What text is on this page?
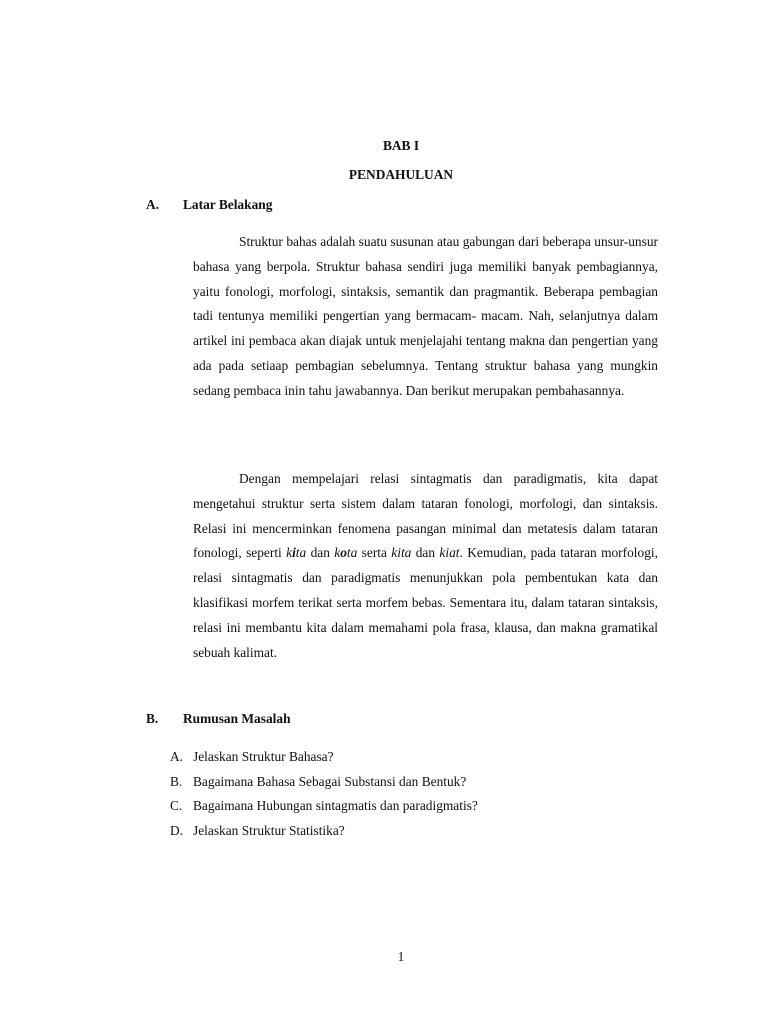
BAB I
PENDAHULUAN
A. Latar Belakang

Struktur bahas adalah suatu susunan atau gabungan dari beberapa unsur-unsur bahasa yang berpola. Struktur bahasa sendiri juga memiliki banyak pembagiannya, yaitu fonologi, morfologi, sintaksis, semantik dan pragmantik. Beberapa pembagian tadi tentunya memiliki pengertian yang bermacam- macam. Nah, selanjutnya dalam artikel ini pembaca akan diajak untuk menjelajahi tentang makna dan pengertian yang ada pada setiaap pembagian sebelumnya. Tentang struktur bahasa yang mungkin sedang pembaca inin tahu jawabannya. Dan berikut merupakan pembahasannya.

Dengan mempelajari relasi sintagmatis dan paradigmatis, kita dapat mengetahui struktur serta sistem dalam tataran fonologi, morfologi, dan sintaksis. Relasi ini mencerminkan fenomena pasangan minimal dan metatesis dalam tataran fonologi, seperti kita dan kota serta kita dan kiat. Kemudian, pada tataran morfologi, relasi sintagmatis dan paradigmatis menunjukkan pola pembentukan kata dan klasifikasi morfem terikat serta morfem bebas. Sementara itu, dalam tataran sintaksis, relasi ini membantu kita dalam memahami pola frasa, klausa, dan makna gramatikal sebuah kalimat.

B. Rumusan Masalah
A. Jelaskan Struktur Bahasa?
B. Bagaimana Bahasa Sebagai Substansi dan Bentuk?
C. Bagaimana Hubungan sintagmatis dan paradigmatis?
D. Jelaskan Struktur Statistika?
1
